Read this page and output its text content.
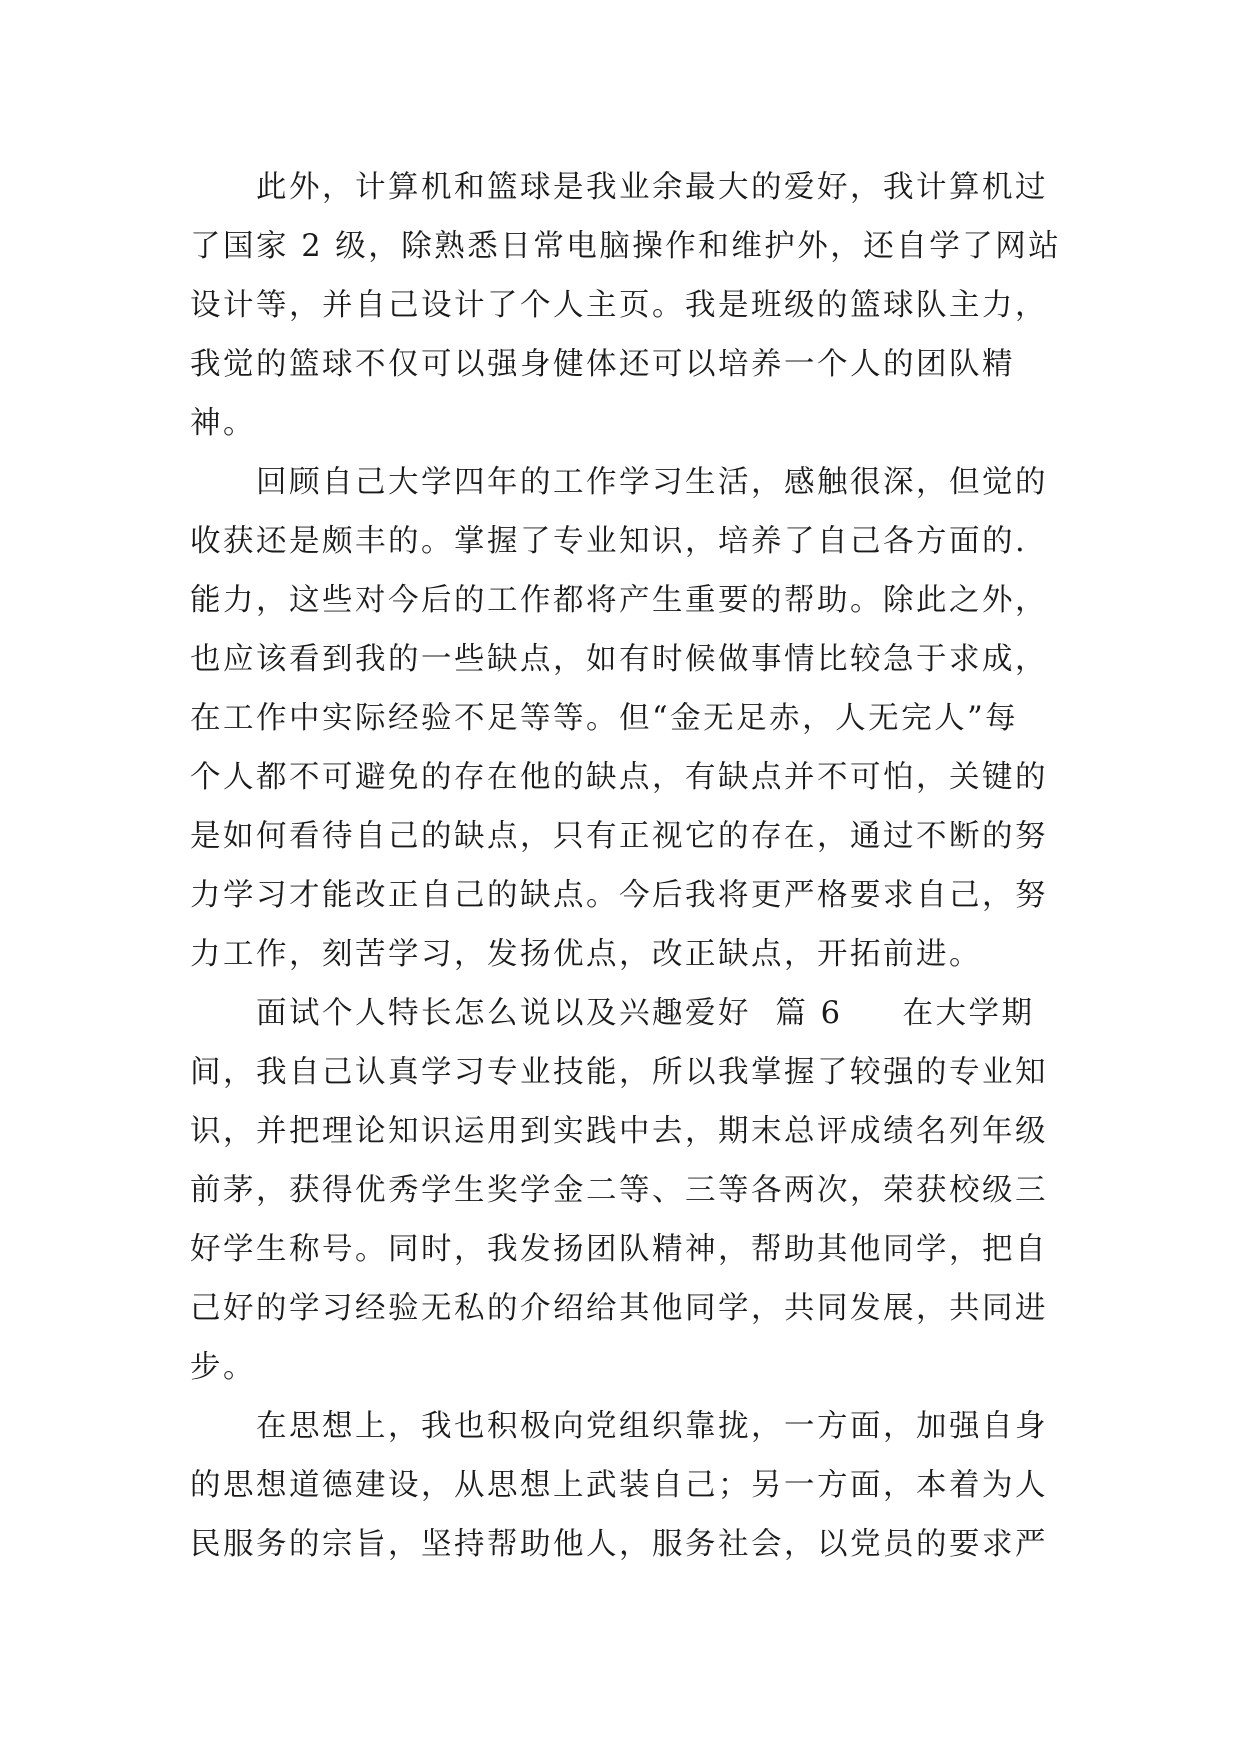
此外，计算机和篮球是我业余最大的爱好，我计算机过
了国家 2 级，除熟悉日常电脑操作和维护外，还自学了网站
设计等，并自己设计了个人主页。我是班级的篮球队主力，
我觉的篮球不仅可以强身健体还可以培养一个人的团队精
神。
回顾自己大学四年的工作学习生活，感触很深，但觉的
收获还是颇丰的。掌握了专业知识，培养了自己各方面的.
能力，这些对今后的工作都将产生重要的帮助。除此之外，
也应该看到我的一些缺点，如有时候做事情比较急于求成，
在工作中实际经验不足等等。但“金无足赤，人无完人”每
个人都不可避免的存在他的缺点，有缺点并不可怕，关键的
是如何看待自己的缺点，只有正视它的存在，通过不断的努
力学习才能改正自己的缺点。今后我将更严格要求自己，努
力工作，刻苦学习，发扬优点，改正缺点，开拓前进。
面试个人特长怎么说以及兴趣爱好  篇 6 在大学期
间，我自己认真学习专业技能，所以我掌握了较强的专业知
识，并把理论知识运用到实践中去，期末总评成绩名列年级
前茅，获得优秀学生奖学金二等、三等各两次，荣获校级三
好学生称号。同时，我发扬团队精神，帮助其他同学，把自
己好的学习经验无私的介绍给其他同学，共同发展，共同进
步。
在思想上，我也积极向党组织靠拢，一方面，加强自身
的思想道德建设，从思想上武装自己；另一方面，本着为人
民服务的宗旨，坚持帮助他人，服务社会，以党员的要求严
